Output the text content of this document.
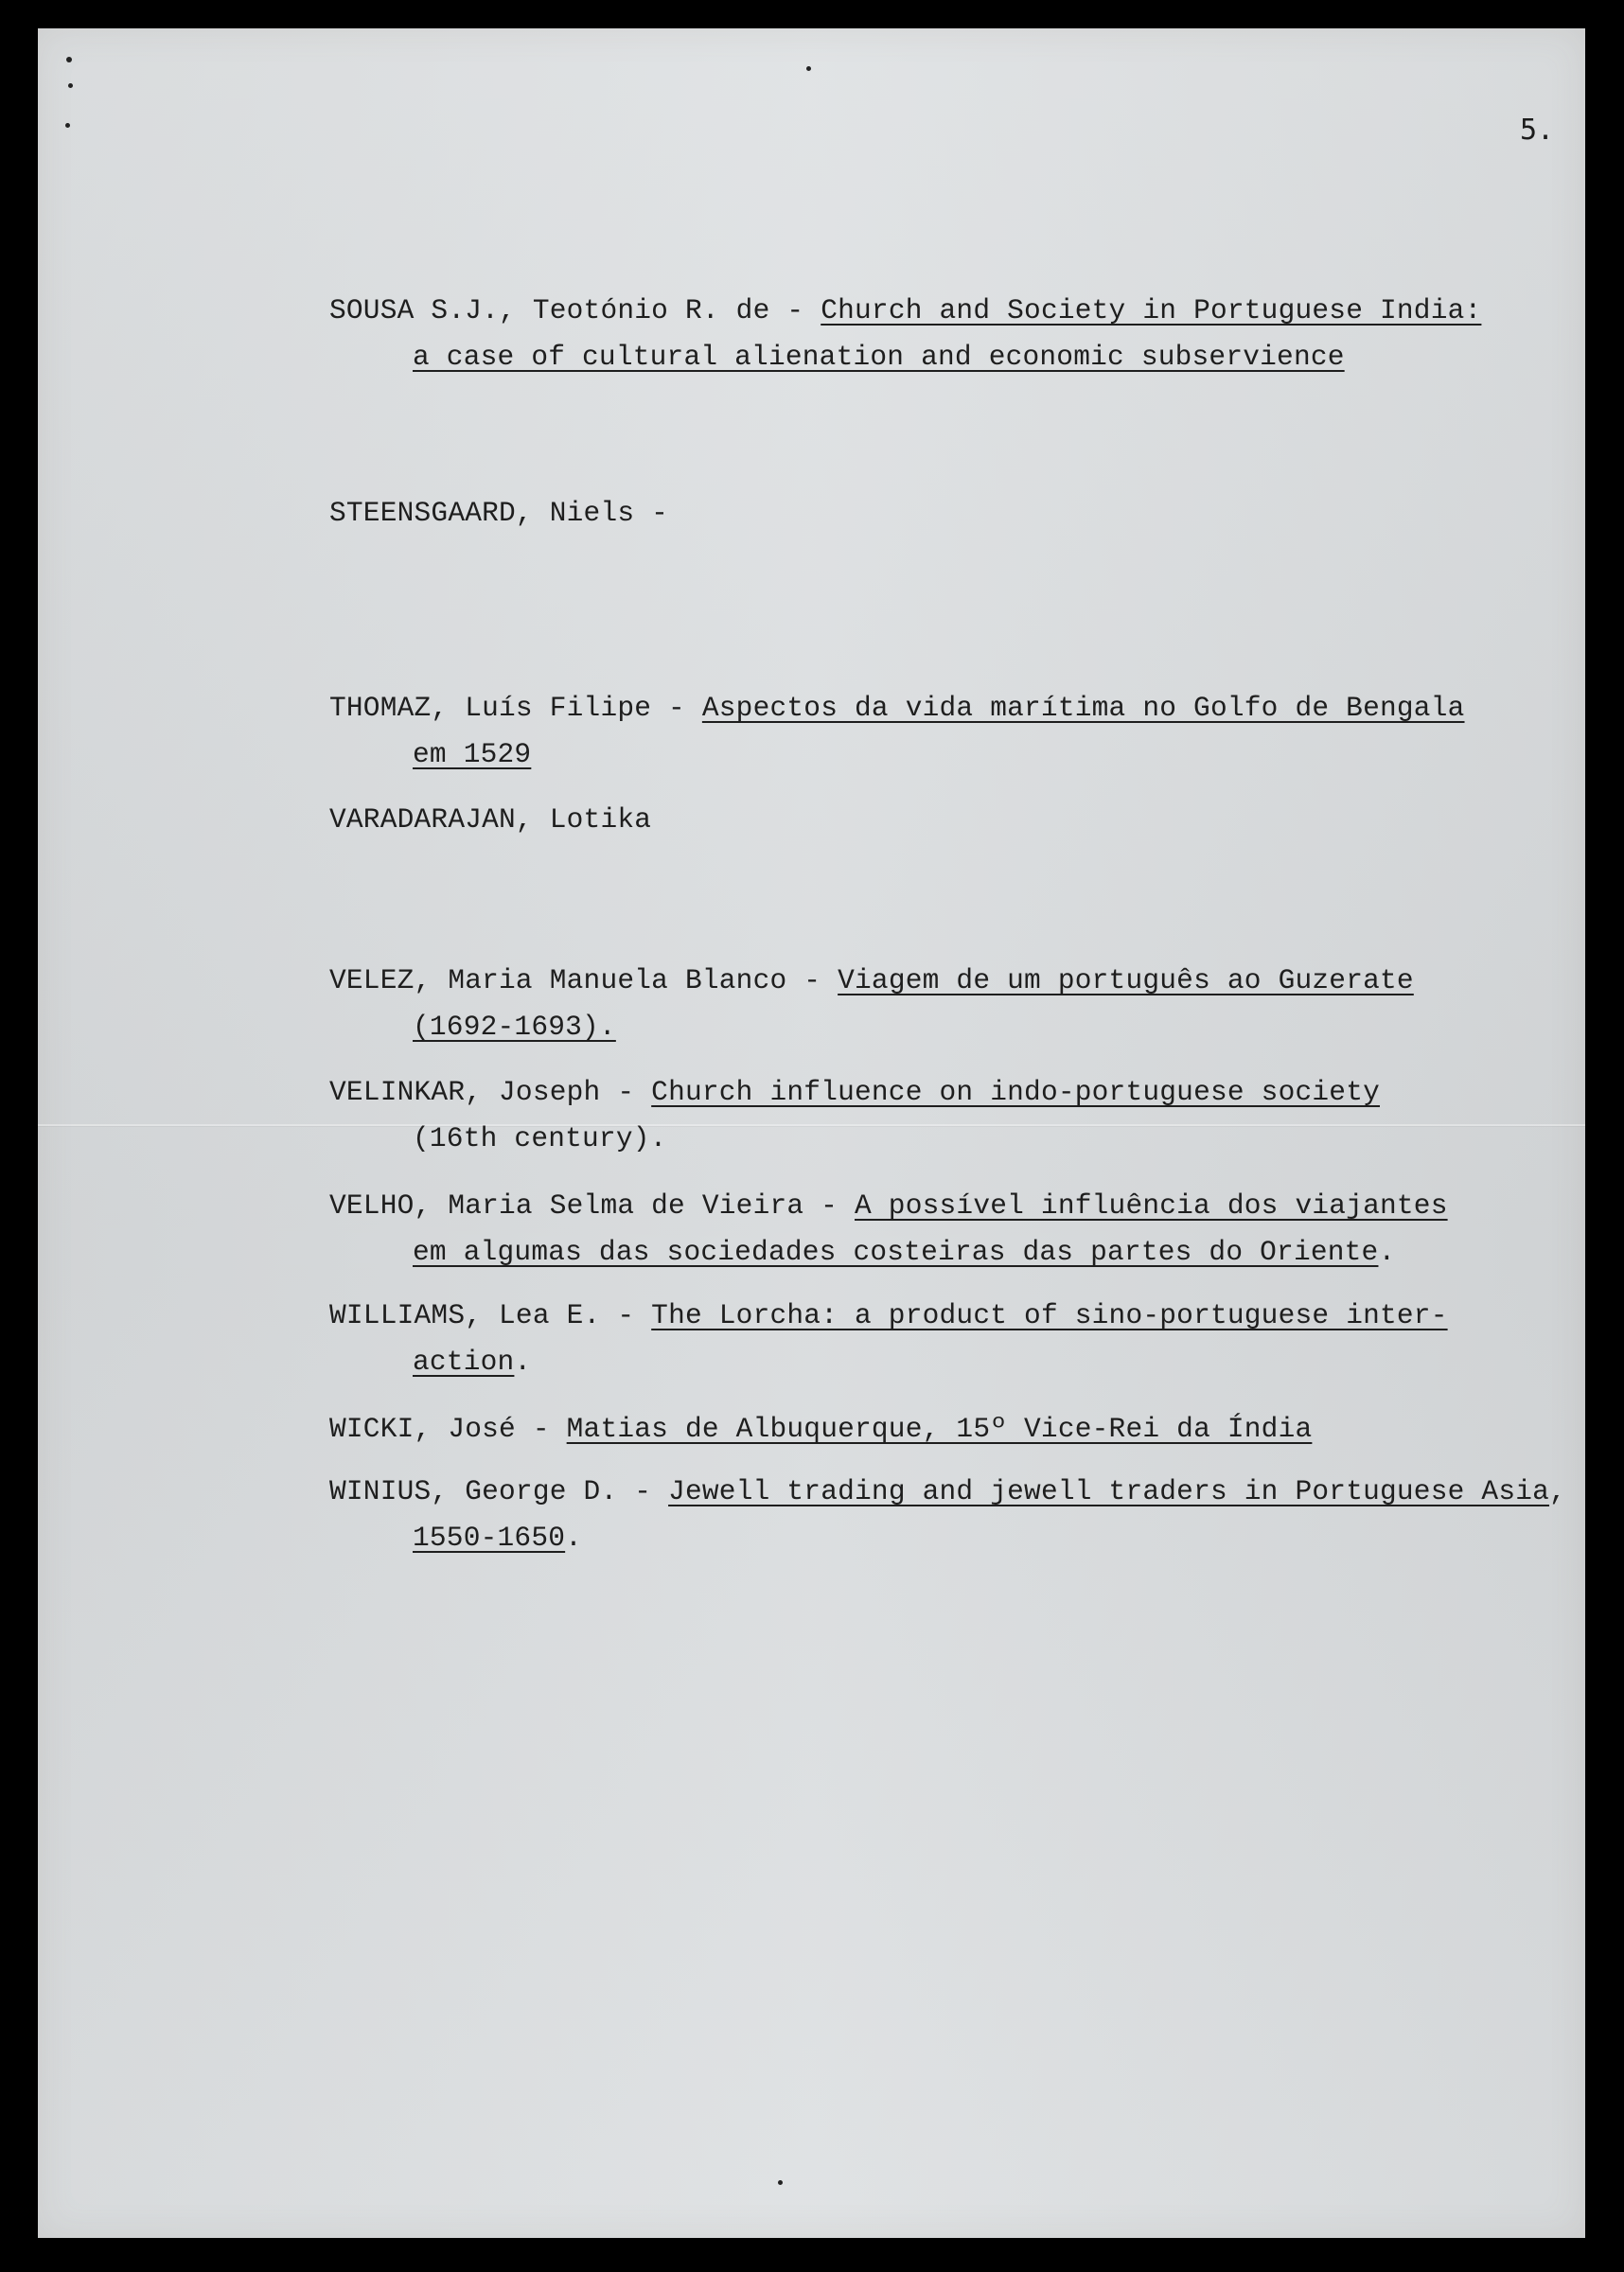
5.
SOUSA S.J., Teotónio R. de - Church and Society in Portuguese India:
a case of cultural alienation and economic subservience
STEENSGAARD, Niels -
THOMAZ, Luís Filipe - Aspectos da vida marítima no Golfo de Bengala
em 1529
VARADARAJAN, Lotika
VELEZ, Maria Manuela Blanco - Viagem de um português ao Guzerate
(1692-1693).
VELINKAR, Joseph - Church influence on indo-portuguese society
(16th century).
VELHO, Maria Selma de Vieira - A possível influência dos viajantes
em algumas das sociedades costeiras das partes do Oriente.
WILLIAMS, Lea E. - The Lorcha: a product of sino-portuguese inter-
action.
WICKI, José - Matias de Albuquerque, 15º Vice-Rei da Índia
WINIUS, George D. - Jewell trading and jewell traders in Portuguese Asia,
1550-1650.
